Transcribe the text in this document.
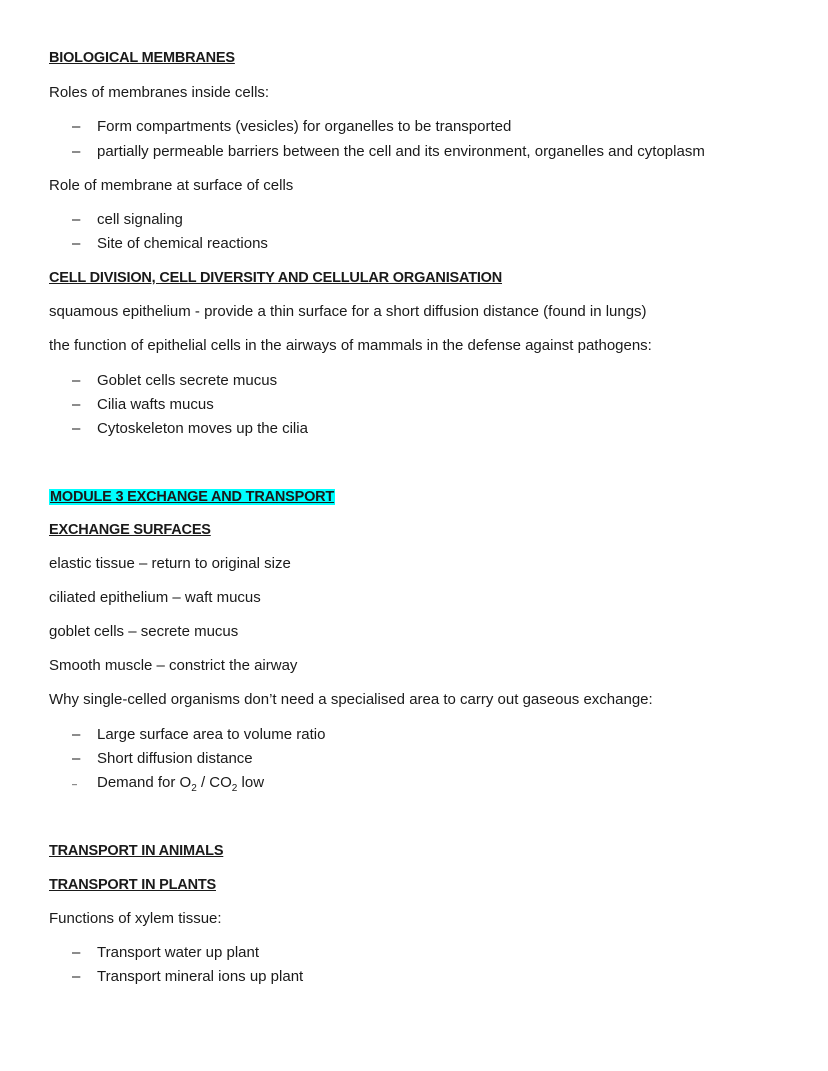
BIOLOGICAL MEMBRANES
Roles of membranes inside cells:
– Form compartments (vesicles) for organelles to be transported
– partially permeable barriers between the cell and its environment, organelles and cytoplasm
Role of membrane at surface of cells
– cell signaling
– Site of chemical reactions
CELL DIVISION, CELL DIVERSITY AND CELLULAR ORGANISATION
squamous epithelium - provide a thin surface for a short diffusion distance (found in lungs)
the function of epithelial cells in the airways of mammals in the defense against pathogens:
– Goblet cells secrete mucus
– Cilia wafts mucus
– Cytoskeleton moves up the cilia
MODULE 3 EXCHANGE AND TRANSPORT
EXCHANGE SURFACES
elastic tissue – return to original size
ciliated epithelium – waft mucus
goblet cells – secrete mucus
Smooth muscle – constrict the airway
Why single-celled organisms don’t need a specialised area to carry out gaseous exchange:
– Large surface area to volume ratio
– Short diffusion distance
– Demand for $O_2 / CO_2$ low
TRANSPORT IN ANIMALS
TRANSPORT IN PLANTS
Functions of xylem tissue:
– Transport water up plant
– Transport mineral ions up plant
